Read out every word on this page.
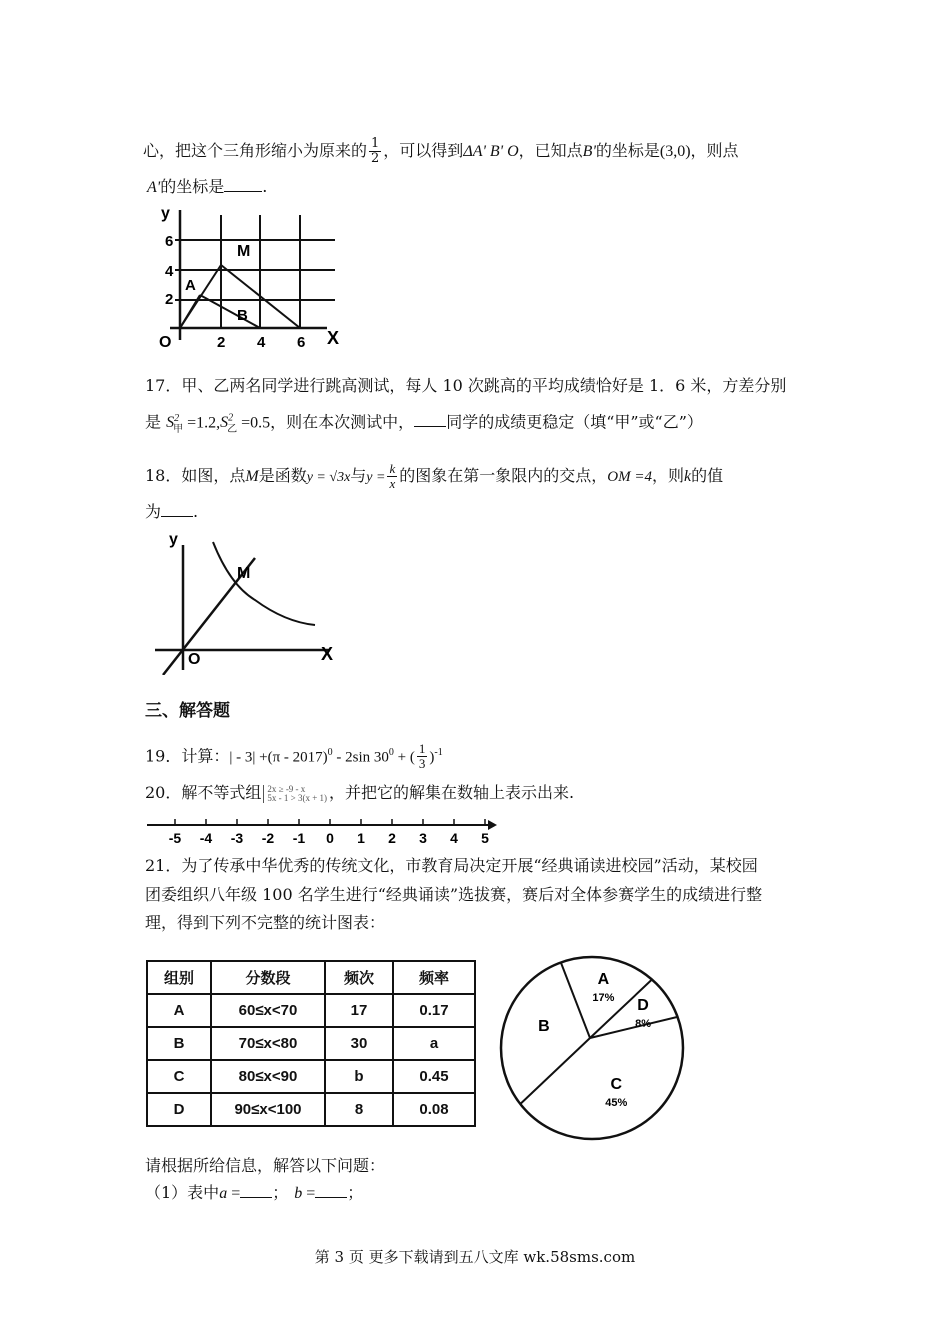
心，把这个三角形缩小为原来的 $\frac{1}{2}$ ，可以得到ΔA' B' O，已知点B'的坐标是(3,0)，则点
A'的坐标是 .
y
X
O
6
4
2
2 4 6
M
A
B
17．甲、乙两名同学进行跳高测试，每人 10 次跳高的平均成绩恰好是 1．6 米，方差分别
是 $S^2_甲 =1.2,S^2_乙 =0.5$，则在本次测试中， 同学的成绩更稳定（填“甲”或“乙”）
18．如图，点M是函数y = √3x与$y = \frac{k}{x}$ 的图象在第一象限内的交点，OM =4，则k的值
为 .
y
X
O
M
三、解答题
19．计算：| - 3| +(π - 2017)$^0$ - 2sin $30^0$ + ( $\frac{1}{3} )^{-1}$
20．解不等式组 2x ≥ -9 - x
5x - 1 > 3(x + 1) ，并把它的解集在数轴上表示出来.
-5 -4 -3 -2 -1 0 1 2 3 4 5
21．为了传承中华优秀的传统文化，市教育局决定开展“经典诵读进校园”活动，某校园
团委组织八年级 100 名学生进行“经典诵读”选拔赛，赛后对全体参赛学生的成绩进行整
理，得到下列不完整的统计图表：
组别	分数段	频次	频率
A	60≤x<70	17	0.17
B	70≤x<80	30	a
C	80≤x<90	b	0.45
D	90≤x<100	8	0.08
A
17% D
8%
C
45%
B
请根据所给信息，解答以下问题：
（1）表中a = ； b = ；
第 3 页 更多下载请到五八文库 wk.58sms.com
